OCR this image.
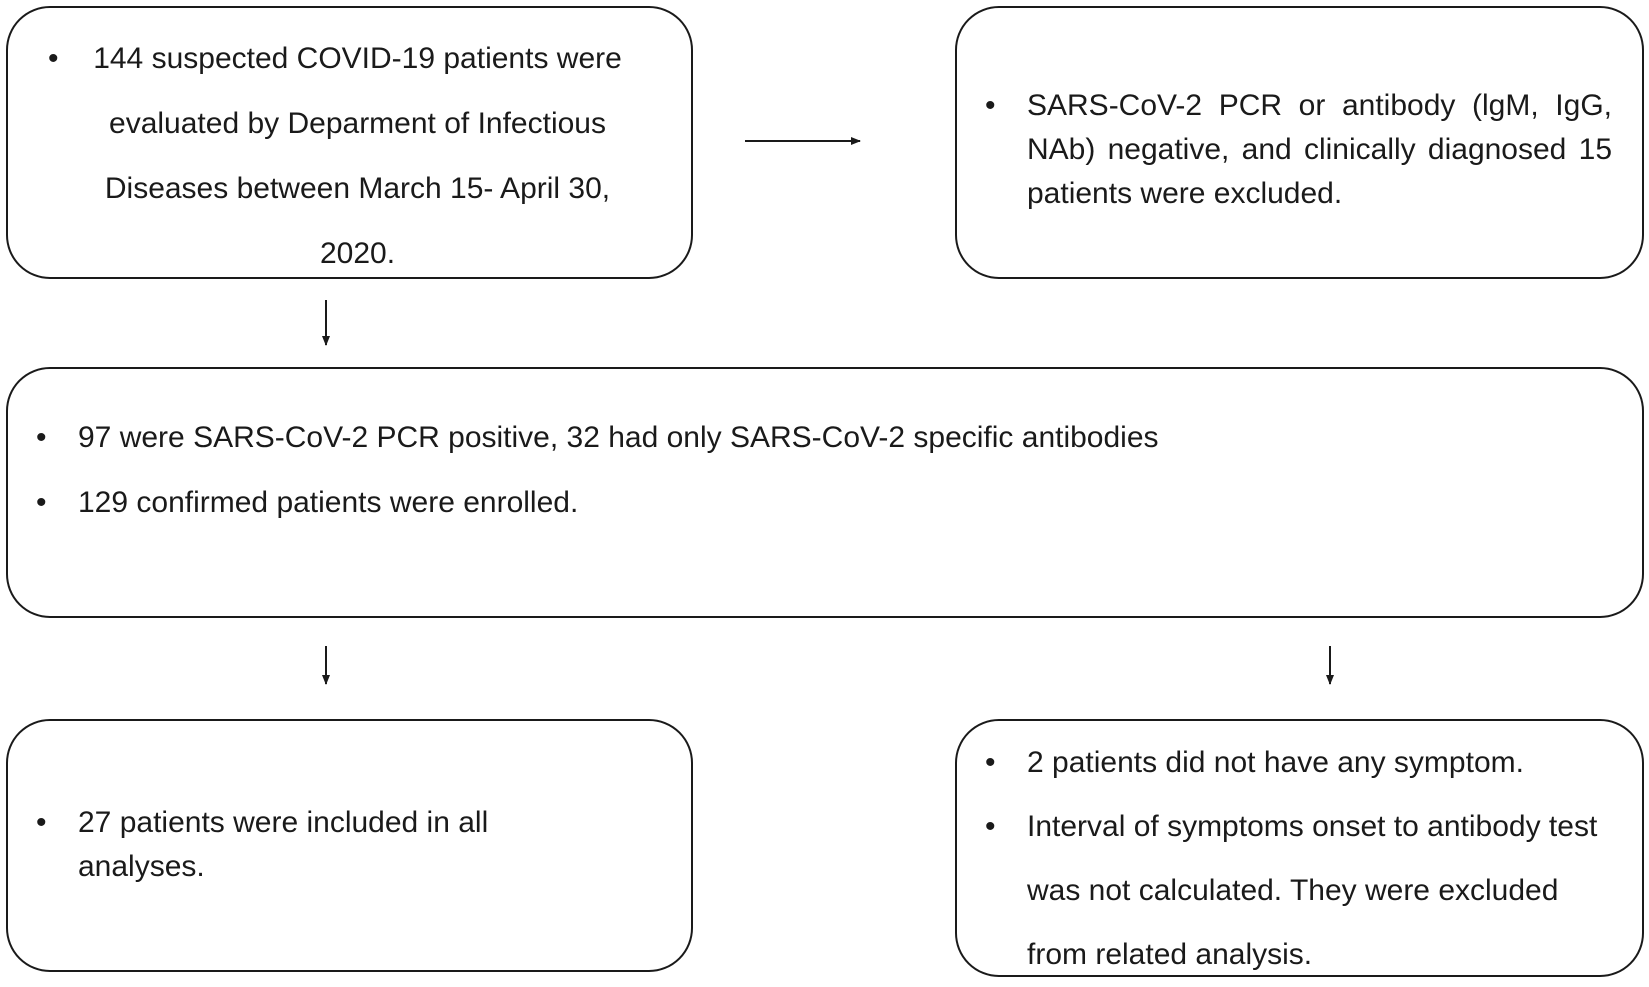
•	144 suspected COVID-19 patients were evaluated by Deparment of Infectious Diseases between March 15- April 30, 2020.
• SARS-CoV-2 PCR or antibody (lgM, IgG, NAb) negative, and clinically diagnosed 15 patients were excluded.
• 97 were SARS-CoV-2 PCR positive, 32 had only SARS-CoV-2 specific antibodies
• 129 confirmed patients were enrolled.
• 27 patients were included in all analyses.
• 2 patients did not have any symptom.
• Interval of symptoms onset to antibody test was not calculated. They were excluded from related analysis.
